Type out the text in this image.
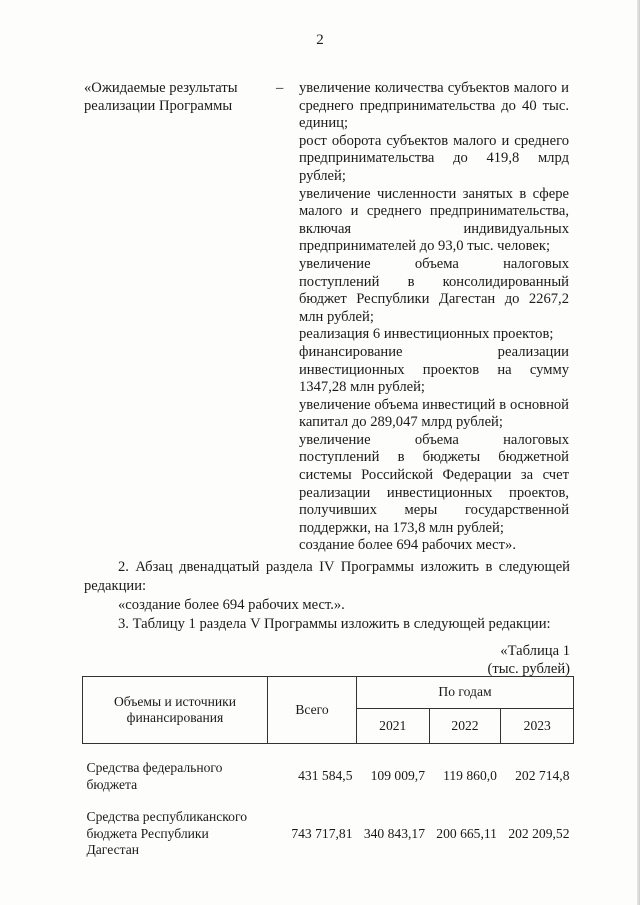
2
«Ожидаемые результаты реализации Программы
– увеличение количества субъектов малого и среднего предпринимательства до 40 тыс. единиц;

рост оборота субъектов малого и среднего предпринимательства до 419,8 млрд рублей;

увеличение численности занятых в сфере малого и среднего предпринимательства, включая индивидуальных предпринимателей до 93,0 тыс. человек;

увеличение объема налоговых поступлений в консолидированный бюджет Республики Дагестан до 2267,2 млн рублей;

реализация 6 инвестиционных проектов;

финансирование реализации инвестиционных проектов на сумму 1347,28 млн рублей;

увеличение объема инвестиций в основной капитал до 289,047 млрд рублей;

увеличение объема налоговых поступлений в бюджеты бюджетной системы Российской Федерации за счет реализации инвестиционных проектов, получивших меры государственной поддержки, на 173,8 млн рублей;

создание более 694 рабочих мест».

2. Абзац двенадцатый раздела IV Программы изложить в следующей редакции:

«создание более 694 рабочих мест.».

3. Таблицу 1 раздела V Программы изложить в следующей редакции:

«Таблица 1
(тыс. рублей)
Объемы и источники финансирования	Всего	По годам		
		2021	2022	2023

Средства федерального бюджета	431 584,5	109 009,7	119 860,0	202 714,8

Средства республиканского бюджета Республики Дагестан	743 717,81	340 843,17	200 665,11	202 209,52
